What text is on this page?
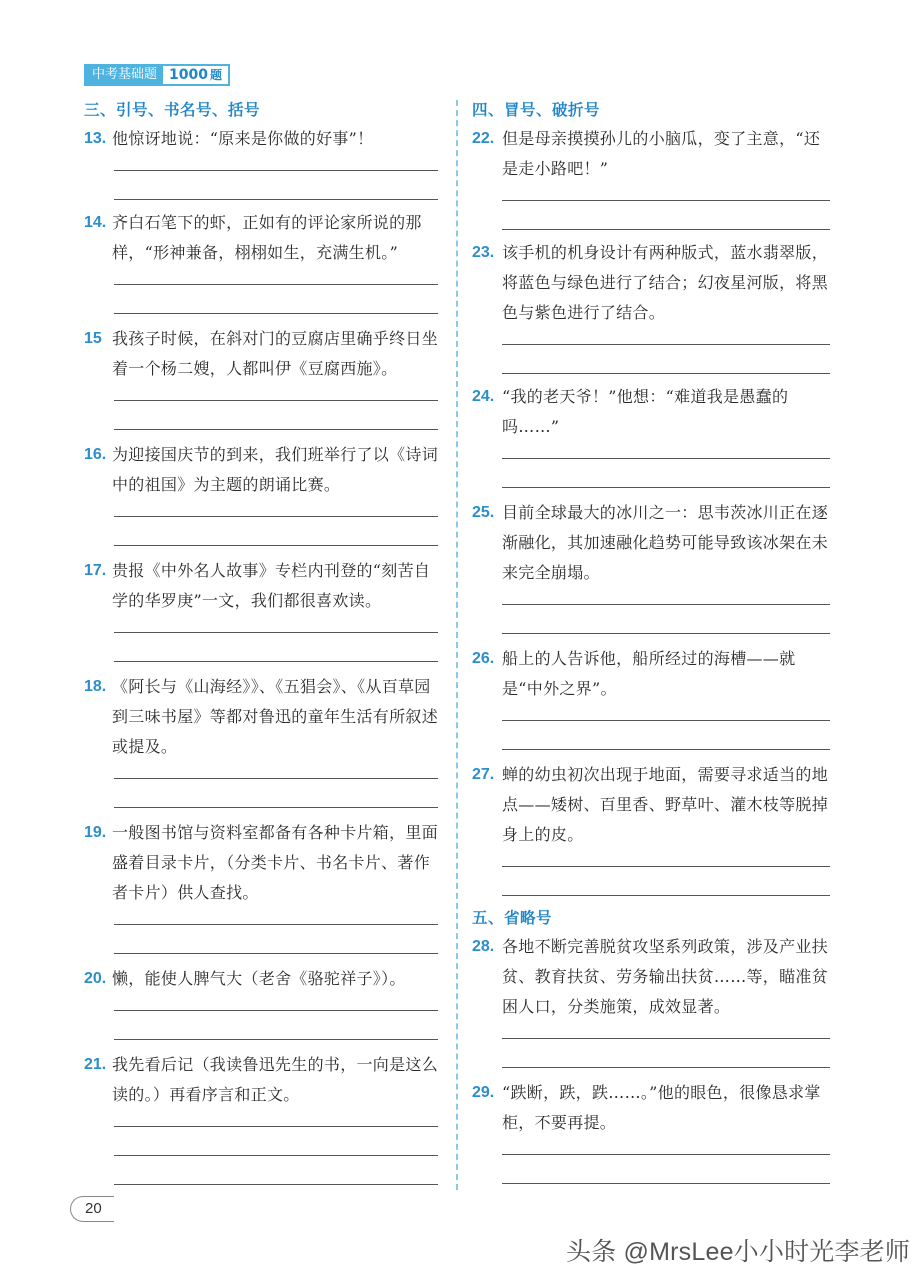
中考基础题 1000 题
三、引号、书名号、括号
13. 他惊讶地说：“原来是你做的好事”！
14. 齐白石笔下的虾，正如有的评论家所说的那样，“形神兼备，栩栩如生，充满生机。”
15 我孩子时候，在斜对门的豆腐店里确乎终日坐着一个杨二嫂，人都叫伊《豆腐西施》。
16. 为迎接国庆节的到来，我们班举行了以《诗词中的祖国》为主题的朗诵比赛。
17. 贵报《中外名人故事》专栏内刊登的“刻苦自学的华罗庚”一文，我们都很喜欢读。
18. 《阿长与《山海经》》、《五猖会》、《从百草园到三味书屋》等都对鲁迅的童年生活有所叙述或提及。
19. 一般图书馆与资料室都备有各种卡片箱，里面盛着目录卡片，（分类卡片、书名卡片、著作者卡片）供人查找。
20. 懒，能使人脾气大（老舍《骆驼祥子》）。
21. 我先看后记（我读鲁迅先生的书，一向是这么读的。）再看序言和正文。
四、冒号、破折号
22. 但是母亲摸摸孙儿的小脑瓜，变了主意，“还是走小路吧！”
23. 该手机的机身设计有两种版式，蓝水翡翠版，将蓝色与绿色进行了结合；幻夜星河版，将黑色与紫色进行了结合。
24. “我的老天爷！”他想：“难道我是愚蠢的吗……”
25. 目前全球最大的冰川之一：思韦茨冰川正在逐渐融化，其加速融化趋势可能导致该冰架在未来完全崩塌。
26. 船上的人告诉他，船所经过的海槽——就是“中外之界”。
27. 蝉的幼虫初次出现于地面，需要寻求适当的地点——矮树、百里香、野草叶、灌木枝等脱掉身上的皮。
五、省略号
28. 各地不断完善脱贫攻坚系列政策，涉及产业扶贫、教育扶贫、劳务输出扶贫……等，瞄准贫困人口，分类施策，成效显著。
29. “跌断，跌，跌……。”他的眼色，很像恳求掌柜，不要再提。
20
头条 @MrsLee小小时光李老师
